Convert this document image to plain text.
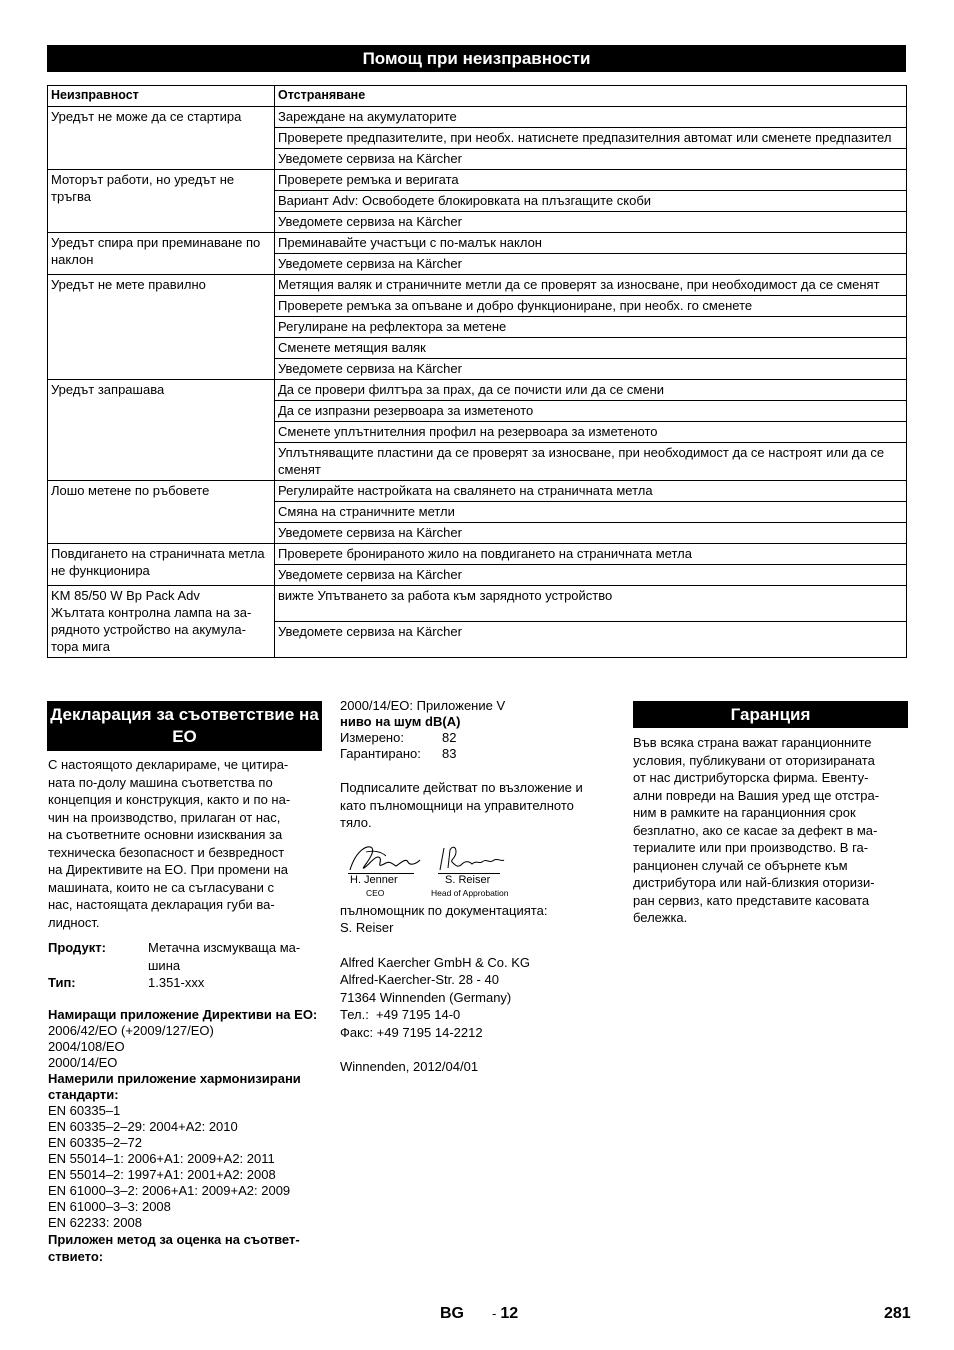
Помощ при неизправности
Неизправност	Отстраняване
Уредът не може да се стартира	Зареждане на акумулаторите
	Проверете предпазителите, при необх. натиснете предпазителния автомат или сменете предпазител
	Уведомете сервиза на Kärcher
Моторът работи, но уредът не тръгва	Проверете ремъка и веригата
	Вариант Adv: Освободете блокировката на плъзгащите скоби
	Уведомете сервиза на Kärcher
Уредът спира при преминаване по наклон	Преминавайте участъци с по-малък наклон
	Уведомете сервиза на Kärcher
Уредът не мете правилно	Метящия валяк и страничните метли да се проверят за износване, при необходимост да се сменят
	Проверете ремъка за опъване и добро функциониране, при необх. го сменете
	Регулиране на рефлектора за метене
	Сменете метящия валяк
	Уведомете сервиза на Kärcher
Уредът запрашава	Да се провери филтъра за прах, да се почисти или да се смени
	Да се изпразни резервоара за изметеното
	Сменете уплътнителния профил на резервоара за изметеното
	Уплътняващите пластини да се проверят за износване, при необходимост да се настроят или да се сменят
Лошо метене по ръбовете	Регулирайте настройката на свалянето на страничната метла
	Смяна на страничните метли
	Уведомете сервиза на Kärcher
Повдигането на страничната метла не функционира	Проверете бронираното жило на повдигането на страничната метла
	Уведомете сервиза на Kärcher
KM 85/50 W Bp Pack Adv
Жълтата контролна лампа на за-
рядното устройство на акумула-
тора мига	вижте Упътването за работа към зарядното устройство
	Уведомете сервиза на Kärcher
Декларация за съответствие на ЕО
С настоящото декларираме, че цитира-
ната по-долу машина съответства по
концепция и конструкция, както и по на-
чин на производство, прилаган от нас,
на съответните основни изисквания за
техническа безопасност и безвредност
на Директивите на ЕО. При промени на
машината, които не са съгласувани с
нас, настоящата декларация губи ва-
лидност.
Продукт:	Метачна изсмукваща ма-
шина
Тип:	1.351-xxx
Намиращи приложение Директиви на ЕО:
2006/42/ЕО (+2009/127/ЕО)
2004/108/ЕО
2000/14/ЕО
Намерили приложение хармонизирани стандарти:
EN 60335–1
EN 60335–2–29: 2004+A2: 2010
EN 60335–2–72
EN 55014–1: 2006+A1: 2009+A2: 2011
EN 55014–2: 1997+A1: 2001+A2: 2008
EN 61000–3–2: 2006+A1: 2009+A2: 2009
EN 61000–3–3: 2008
EN 62233: 2008
Приложен метод за оценка на съответ-
ствието:
2000/14/ЕО: Приложение V
ниво на шум dB(A)
Измерено:	82
Гарантирано:	83
Подписалите действат по възложение и
като пълномощници на управителното
тяло.
H. Jenner
CEO
S. Reiser
Head of Approbation
пълномощник по документацията:
S. Reiser
Alfred Kaercher GmbH & Co. KG
Alfred-Kaercher-Str. 28 - 40
71364 Winnenden (Germany)
Тел.:  +49 7195 14-0
Факс: +49 7195 14-2212
Winnenden, 2012/04/01
Гаранция
Във всяка страна важат гаранционните
условия, публикувани от оторизираната
от нас дистрибуторска фирма. Евенту-
ални повреди на Вашия уред ще отстра-
ним в рамките на гаранционния срок
безплатно, ако се касае за дефект в ма-
териалите или при производство. В га-
ранционен случай се обърнете към
дистрибутора или най-близкия оторизи-
ран сервиз, като представите касовата
бележка.
BG - 12	281
